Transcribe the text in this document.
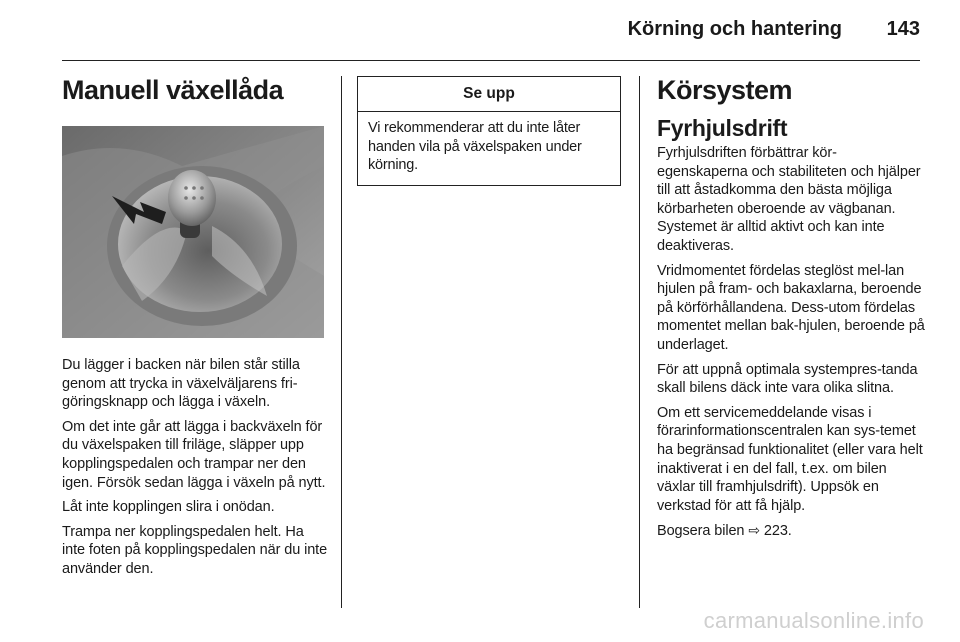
Körning och hantering 143
Manuell växellåda

Du lägger i backen när bilen står stilla genom att trycka in växelväljarens fri-göringsknapp och lägga i växeln.

Om det inte går att lägga i backväxeln för du växelspaken till friläge, släpper upp kopplingspedalen och trampar ner den igen. Försök sedan lägga i växeln på nytt.

Låt inte kopplingen slira i onödan.

Trampa ner kopplingspedalen helt. Ha inte foten på kopplingspedalen när du inte använder den.

Se upp
Vi rekommenderar att du inte låter handen vila på växelspaken under körning.
Körsystem
Fyrhjulsdrift

Fyrhjulsdriften förbättrar kör-egenskaperna och stabiliteten och hjälper till att åstadkomma den bästa möjliga körbarheten oberoende av vägbanan. Systemet är alltid aktivt och kan inte deaktiveras.

Vridmomentet fördelas steglöst mel-lan hjulen på fram- och bakaxlarna, beroende på körförhållandena. Dess-utom fördelas momentet mellan bak-hjulen, beroende på underlaget.

För att uppnå optimala systempres-tanda skall bilens däck inte vara olika slitna.

Om ett servicemeddelande visas i förarinformationscentralen kan sys-temet ha begränsad funktionalitet (eller vara helt inaktiverat i en del fall, t.ex. om bilen växlar till framhjulsdrift). Uppsök en verkstad för att få hjälp.

Bogsera bilen ⇨ 223.

carmanualsonline.info
